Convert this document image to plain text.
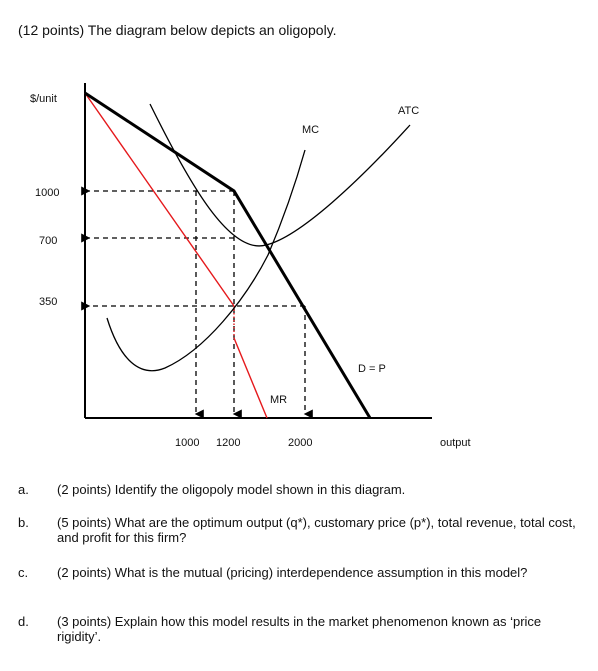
(12 points) The diagram below depicts an oligopoly.
$/unit
output
1000
700
350
1000 1200	2000
ATC
MC
D = P
MR
a.	(2 points) Identify the oligopoly model shown in this diagram.
b.	(5 points) What are the optimum output (q*), customary price (p*), total revenue, total cost, and profit for this firm?
c.	(2 points) What is the mutual (pricing) interdependence assumption in this model?
d.	(3 points) Explain how this model results in the market phenomenon known as ‘price rigidity’.
